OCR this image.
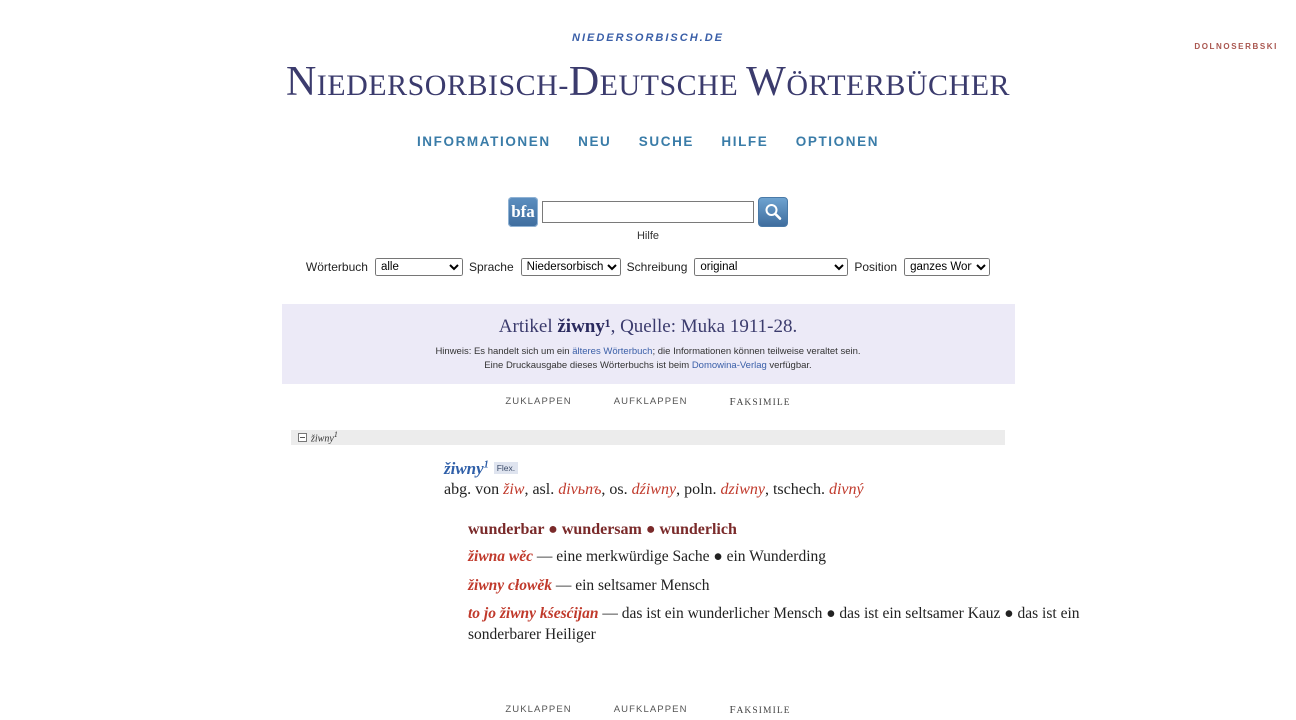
DOLNOSERBSKI
NIEDERSORBISCH.DE
NIEDERSORBISCH-DEUTSCHE WÖRTERBÜCHER
INFORMATIONEN NEU SUCHE HILFE OPTIONEN
bfa
Hilfe
Wörterbuch
alle	Sprache
Niedersorbisch	Schreibung
original	Position
ganzes Wort
Artikel žiwny¹, Quelle: Muka 1911-28.
Hinweis: Es handelt sich um ein älteres Wörterbuch; die Informationen können teilweise veraltet sein.
Eine Druckausgabe dieses Wörterbuchs ist beim Domowina-Verlag verfügbar.
ZUKLAPPEN	AUFKLAPPEN	FAKSIMILE
žiwny$^1$
žiwny$^1$ Flex.
abg. von žiw, asl. divьnъ, os. dźiwny, poln. dziwny, tschech. divný
wunderbar ● wundersam ● wunderlich
žiwna wěc — eine merkwürdige Sache ● ein Wunderding
žiwny cłowěk — ein seltsamer Mensch
to jo žiwny kśesćijan — das ist ein wunderlicher Mensch ● das ist ein seltsamer Kauz ● das ist ein sonderbarer Heiliger
ZUKLAPPEN	AUFKLAPPEN	FAKSIMILE
